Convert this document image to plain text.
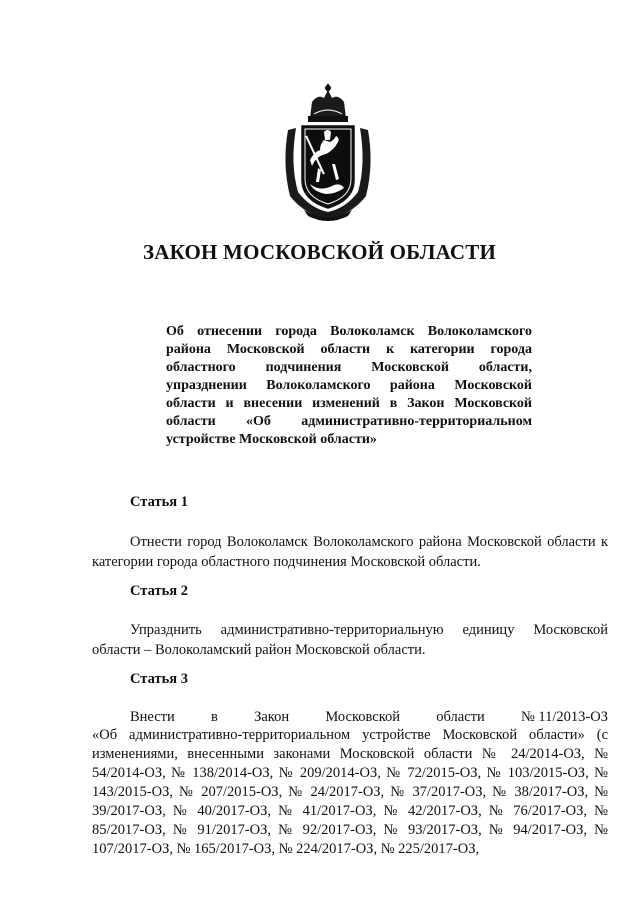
ЗАКОН МОСКОВСКОЙ ОБЛАСТИ

Об отнесении города Волоколамск Волоколамского района Московской области к категории города областного подчинения Московской области, упразднении Волоколамского района Московской области и внесении изменений в Закон Московской области «Об административно-территориальном устройстве Московской области»

Статья 1

Отнести город Волоколамск Волоколамского района Московской области к категории города областного подчинения Московской области.

Статья 2

Упразднить административно-территориальную единицу Московской области – Волоколамский район Московской области.

Статья 3
Внести в Закон Московской области № 11/2013-ОЗ

«Об административно-территориальном устройстве Московской области» (с изменениями, внесенными законами Московской области № 24/2014-ОЗ, № 54/2014-ОЗ, № 138/2014-ОЗ, № 209/2014-ОЗ, № 72/2015-ОЗ, № 103/2015-ОЗ, № 143/2015-ОЗ, № 207/2015-ОЗ, № 24/2017-ОЗ, № 37/2017-ОЗ, № 38/2017-ОЗ, № 39/2017-ОЗ, № 40/2017-ОЗ, № 41/2017-ОЗ, № 42/2017-ОЗ, № 76/2017-ОЗ, № 85/2017-ОЗ, № 91/2017-ОЗ, № 92/2017-ОЗ, № 93/2017-ОЗ, № 94/2017-ОЗ, № 107/2017-ОЗ, № 165/2017-ОЗ, № 224/2017-ОЗ, № 225/2017-ОЗ,
